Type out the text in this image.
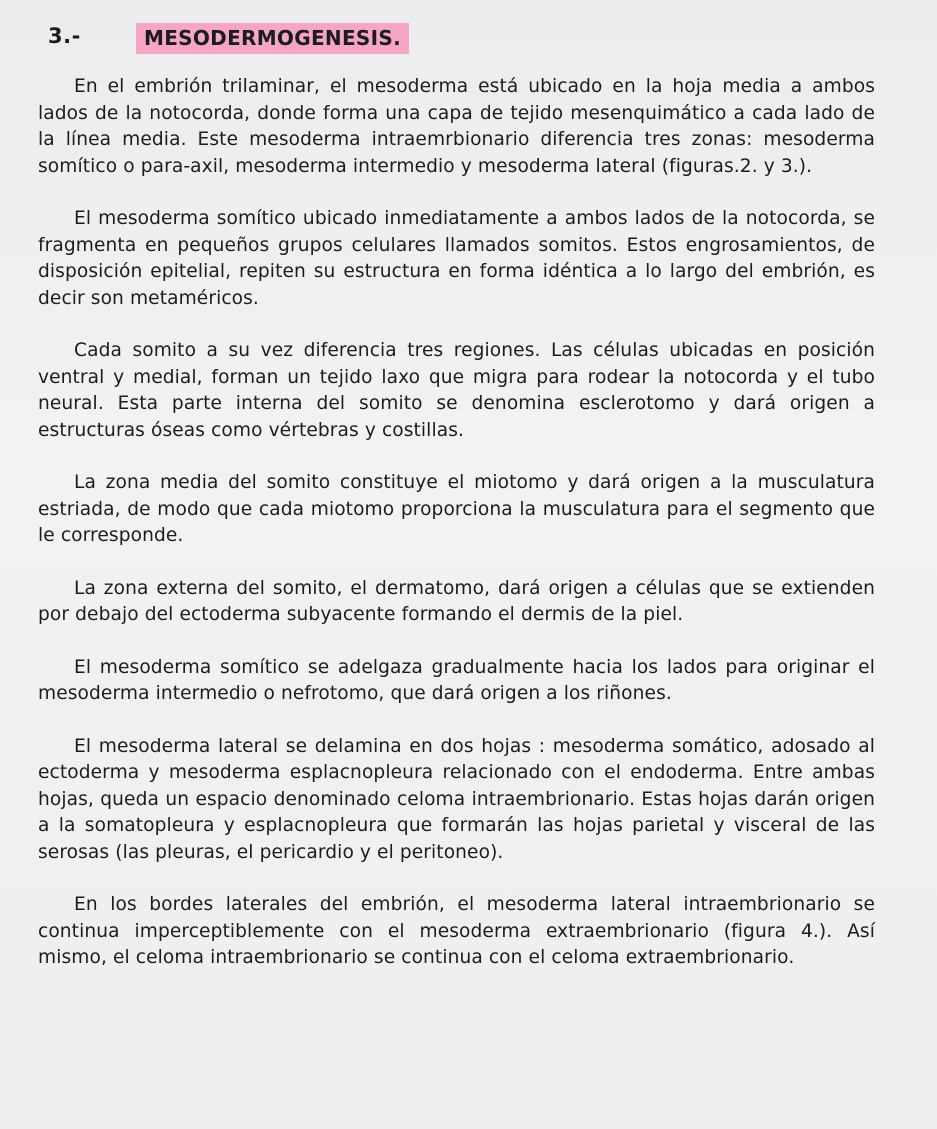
3.-	MESODERMOGENESIS.

En el embrión trilaminar, el mesoderma está ubicado en la hoja media a ambos lados de la notocorda, donde forma una capa de tejido mesenquimático a cada lado de la línea media. Este mesoderma intraemrbionario diferencia tres zonas: mesoderma somítico o para-axil, mesoderma intermedio y mesoderma lateral (figuras.2. y 3.).

El mesoderma somítico ubicado inmediatamente a ambos lados de la notocorda, se fragmenta en pequeños grupos celulares llamados somitos. Estos engrosamientos, de disposición epitelial, repiten su estructura en forma idéntica a lo largo del embrión, es decir son metaméricos.

Cada somito a su vez diferencia tres regiones. Las células ubicadas en posición ventral y medial, forman un tejido laxo que migra para rodear la notocorda y el tubo neural. Esta parte interna del somito se denomina esclerotomo y dará origen a estructuras óseas como vértebras y costillas.

La zona media del somito constituye el miotomo y dará origen a la musculatura estriada, de modo que cada miotomo proporciona la musculatura para el segmento que le corresponde.

La zona externa del somito, el dermatomo, dará origen a células que se extienden por debajo del ectoderma subyacente formando el dermis de la piel.

El mesoderma somítico se adelgaza gradualmente hacia los lados para originar el mesoderma intermedio o nefrotomo, que dará origen a los riñones.

El mesoderma lateral se delamina en dos hojas : mesoderma somático, adosado al ectoderma y mesoderma esplacnopleura relacionado con el endoderma. Entre ambas hojas, queda un espacio denominado celoma intraembrionario. Estas hojas darán origen a la somatopleura y esplacnopleura que formarán las hojas parietal y visceral de las serosas (las pleuras, el pericardio y el peritoneo).

En los bordes laterales del embrión, el mesoderma lateral intraembrionario se continua imperceptiblemente con el mesoderma extraembrionario (figura 4.). Así mismo, el celoma intraembrionario se continua con el celoma extraembrionario.
